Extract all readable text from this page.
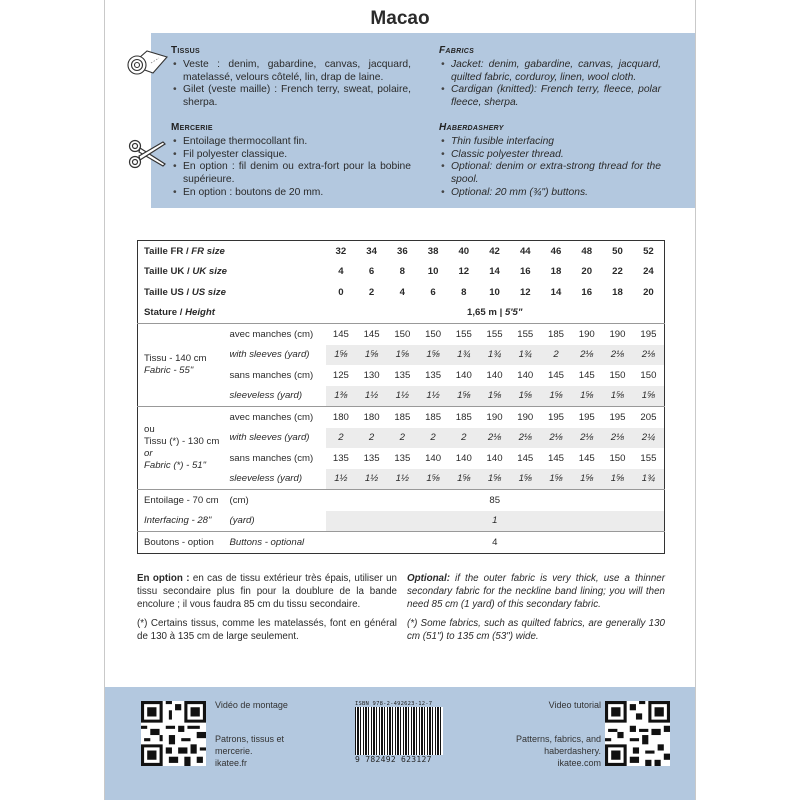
Macao
Tissus
• Veste : denim, gabardine, canvas, jacquard, matelassé, velours côtelé, lin, drap de laine.
• Gilet (veste maille) : French terry, sweat, polaire, sherpa.
Fabrics
• Jacket: denim, gabardine, canvas, jacquard, quilted fabric, corduroy, linen, wool cloth.
• Cardigan (knitted): French terry, fleece, polar fleece, sherpa.
Mercerie
• Entoilage thermocollant fin.
• Fil polyester classique.
• En option : fil denim ou extra-fort pour la bobine supérieure.
• En option : boutons de 20 mm.
Haberdashery
• Thin fusible interfacing
• Classic polyester thread.
• Optional: denim or extra-strong thread for the spool.
• Optional: 20 mm (¾") buttons.
Taille FR / FR size		32	34	36	38	40	42	44	46	48	50	52
Taille UK / UK size		4	6	8	10	12	14	16	18	20	22	24
Taille US / US size		0	2	4	6	8	10	12	14	16	18	20
Stature / Height		1,65 m | 5'5"										

Tissu - 140 cm
Fabric - 55"	avec manches (cm)	145	145	150	150	155	155	155	185	190	190	195
	with sleeves (yard)	1⅝	1⅝	1⅝	1⅝	1¾	1¾	1¾	2	2⅛	2⅛	2⅛
	sans manches (cm)	125	130	135	135	140	140	140	145	145	150	150
	sleeveless (yard)	1⅜	1½	1½	1½	1⅝	1⅝	1⅝	1⅝	1⅝	1⅝	1⅝

ou
Tissu (*) - 130 cm
or
Fabric (*) - 51"	avec manches (cm)	180	180	185	185	185	190	190	195	195	195	205
	with sleeves (yard)	2	2	2	2	2	2⅛	2⅛	2⅛	2⅛	2⅛	2¼
	sans manches (cm)	135	135	135	140	140	140	145	145	145	150	155
	sleeveless (yard)	1½	1½	1½	1⅝	1⅝	1⅝	1⅝	1⅝	1⅝	1⅝	1¾
Entoilage - 70 cm	(cm)	85										
Interfacing - 28"	(yard)	1										
Boutons - option	Buttons - optional	4										

En option : en cas de tissu extérieur très épais, utiliser un tissu secondaire plus fin pour la doublure de la bande encolure ; il vous faudra 85 cm du tissu secondaire.

(*) Certains tissus, comme les matelassés, font en général de 130 à 135 cm de large seulement.

Optional: if the outer fabric is very thick, use a thinner secondary fabric for the neckline band lining; you will then need 85 cm (1 yard) of this secondary fabric.

(*) Some fabrics, such as quilted fabrics, are generally 130 cm (51") to 135 cm (53") wide.

Vidéo de montage
Patrons, tissus et mercerie.
ikatee.fr
ISBN 978-2-492623-12-7
9 782492 623127
Video tutorial
Patterns, fabrics, and haberdashery.
ikatee.com
